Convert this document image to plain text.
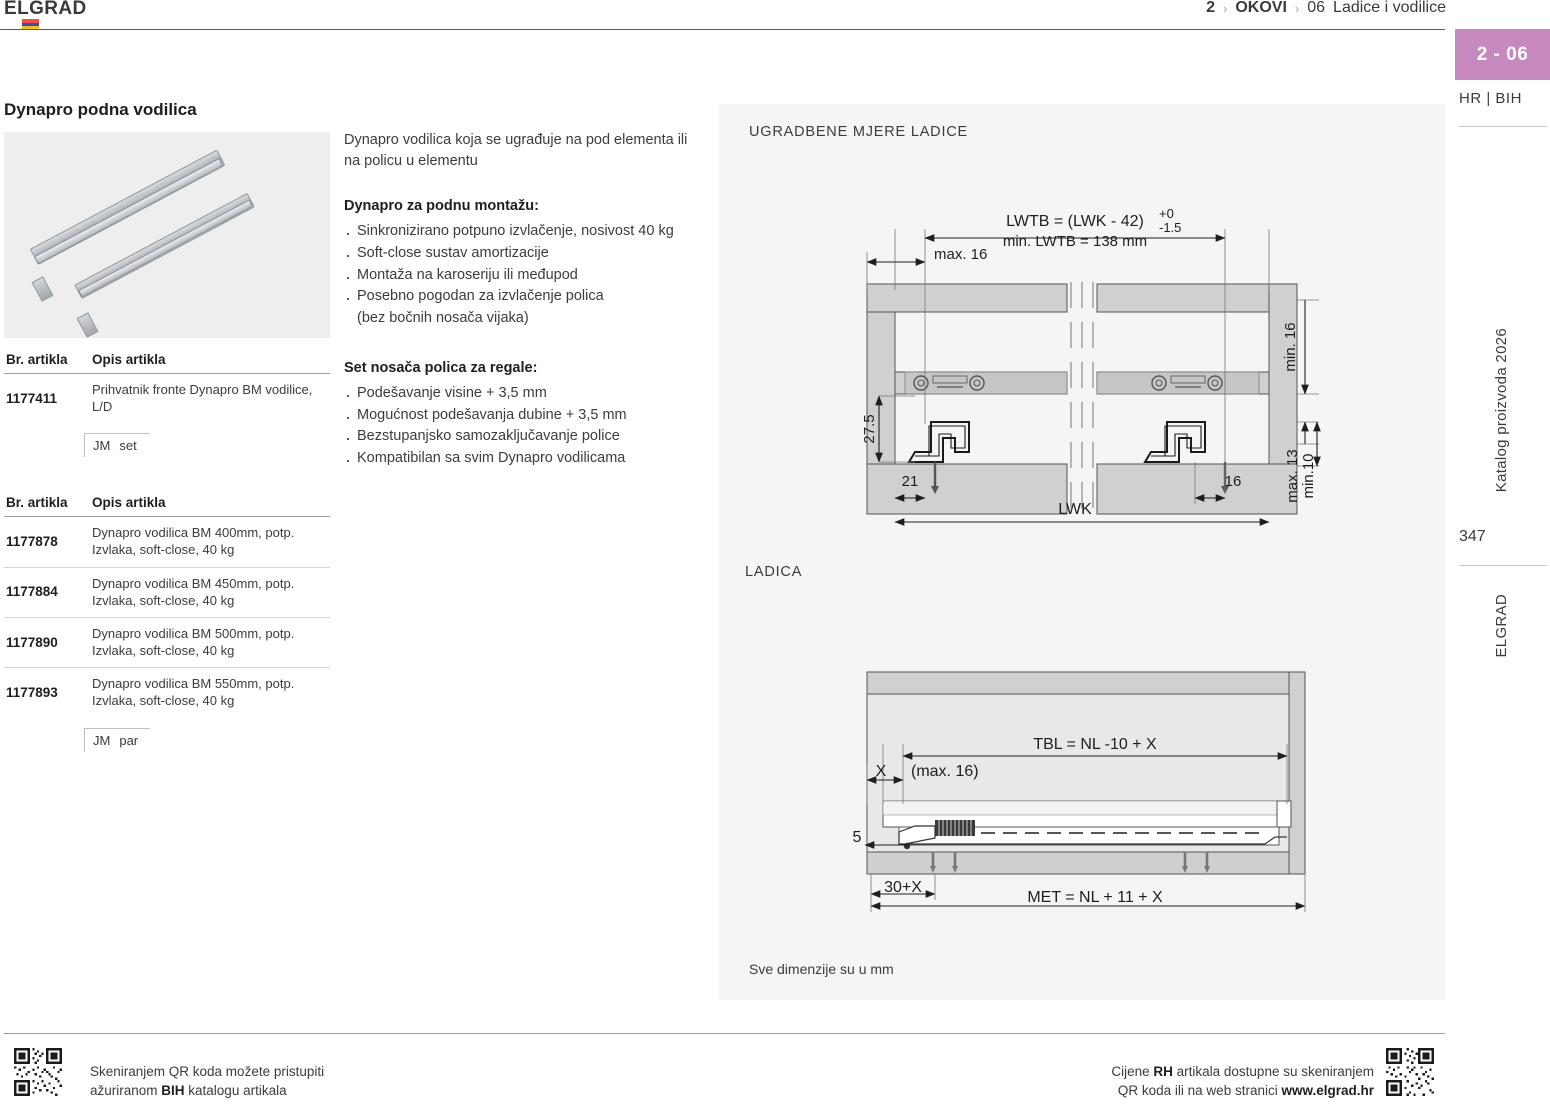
ELGRAD	2 › OKOVI › 06 Ladice i vodilice
2 - 06
HR | BIH
Katalog proizvoda 2026
347
ELGRAD
Dynapro podna vodilica
Br. artikla	Opis artikla
1177411	Prihvatnik fronte Dynapro BM vodilice, L/D
JM set
Br. artikla	Opis artikla
1177878	Dynapro vodilica BM 400mm, potp. Izvlaka, soft-close, 40 kg
1177884	Dynapro vodilica BM 450mm, potp. Izvlaka, soft-close, 40 kg
1177890	Dynapro vodilica BM 500mm, potp. Izvlaka, soft-close, 40 kg
1177893	Dynapro vodilica BM 550mm, potp. Izvlaka, soft-close, 40 kg
JM par

Dynapro vodilica koja se ugrađuje na pod elementa ili na policu u elementu

Dynapro za podnu montažu:

· Sinkronizirano potpuno izvlačenje, nosivost 40 kg
· Soft-close sustav amortizacije
· Montaža na karoseriju ili međupod
· Posebno pogodan za izvlačenje polica
(bez bočnih nosača vijaka)

Set nosača polica za regale:

· Podešavanje visine + 3,5 mm
· Mogućnost podešavanja dubine + 3,5 mm
· Bezstupanjsko samozaključavanje police
· Kompatibilan sa svim Dynapro vodilicama
UGRADBENE MJERE LADICE
LADICA
Sve dimenzije su u mm
LWTB = (LWK - 42) +0
-1.5
min. LWTB = 138 mm
max. 16
27.5
21	16
LWK
min. 16
max. 13 min.10
TBL = NL -10 + X
X (max. 16)
5
30+X
MET = NL + 11 + X
Skeniranjem QR koda možete pristupiti
ažuriranom BIH katalogu artikala
Cijene RH artikala dostupne su skeniranjem
QR koda ili na web stranici www.elgrad.hr
